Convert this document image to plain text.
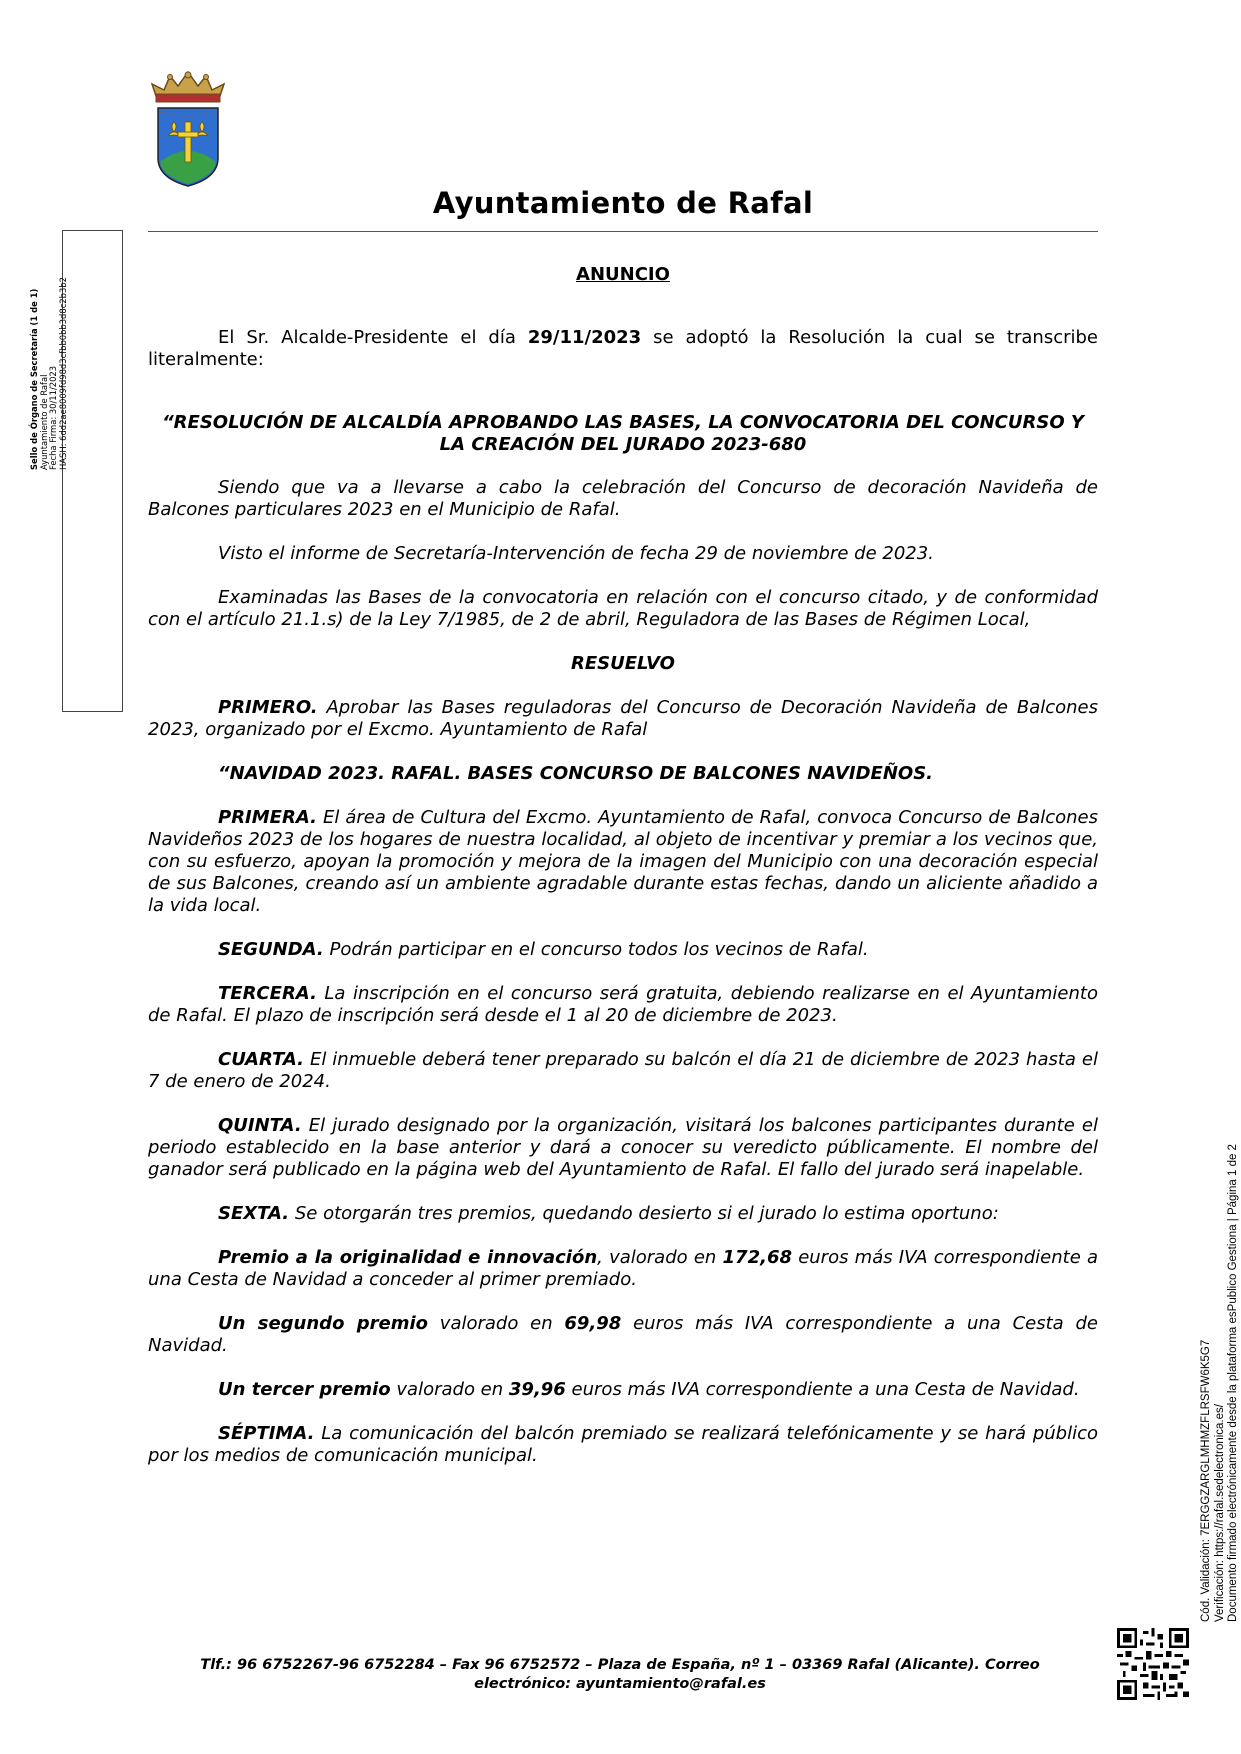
Ayuntamiento de Rafal
Sello de Órgano de Secretaría (1 de 1) Ayuntamiento de Rafal Fecha Firma: 30/11/2023 HASH: 6dd2ae8009fd98d3cfbb0bb3d8c2b3b2

ANUNCIO

El Sr. Alcalde-Presidente el día 29/11/2023 se adoptó la Resolución la cual se transcribe literalmente:

“RESOLUCIÓN DE ALCALDÍA APROBANDO LAS BASES, LA CONVOCATORIA DEL CONCURSO Y LA CREACIÓN DEL JURADO 2023-680

Siendo que va a llevarse a cabo la celebración del Concurso de decoración Navideña de Balcones particulares 2023 en el Municipio de Rafal.

Visto el informe de Secretaría-Intervención de fecha 29 de noviembre de 2023.

Examinadas las Bases de la convocatoria en relación con el concurso citado, y de conformidad con el artículo 21.1.s) de la Ley 7/1985, de 2 de abril, Reguladora de las Bases de Régimen Local,

RESUELVO

PRIMERO. Aprobar las Bases reguladoras del Concurso de Decoración Navideña de Balcones 2023, organizado por el Excmo. Ayuntamiento de Rafal

“NAVIDAD 2023. RAFAL. BASES CONCURSO DE BALCONES NAVIDEÑOS.

PRIMERA. El área de Cultura del Excmo. Ayuntamiento de Rafal, convoca Concurso de Balcones Navideños 2023 de los hogares de nuestra localidad, al objeto de incentivar y premiar a los vecinos que, con su esfuerzo, apoyan la promoción y mejora de la imagen del Municipio con una decoración especial de sus Balcones, creando así un ambiente agradable durante estas fechas, dando un aliciente añadido a la vida local.

SEGUNDA. Podrán participar en el concurso todos los vecinos de Rafal.

TERCERA. La inscripción en el concurso será gratuita, debiendo realizarse en el Ayuntamiento de Rafal. El plazo de inscripción será desde el 1 al 20 de diciembre de 2023.

CUARTA. El inmueble deberá tener preparado su balcón el día 21 de diciembre de 2023 hasta el 7 de enero de 2024.

QUINTA. El jurado designado por la organización, visitará los balcones participantes durante el periodo establecido en la base anterior y dará a conocer su veredicto públicamente. El nombre del ganador será publicado en la página web del Ayuntamiento de Rafal. El fallo del jurado será inapelable.

SEXTA. Se otorgarán tres premios, quedando desierto si el jurado lo estima oportuno:

Premio a la originalidad e innovación, valorado en 172,68 euros más IVA correspondiente a una Cesta de Navidad a conceder al primer premiado.

Un segundo premio valorado en 69,98 euros más IVA correspondiente a una Cesta de Navidad.

Un tercer premio valorado en 39,96 euros más IVA correspondiente a una Cesta de Navidad.

SÉPTIMA. La comunicación del balcón premiado se realizará telefónicamente y se hará público por los medios de comunicación municipal.

Tlf.: 96 6752267-96 6752284 – Fax 96 6752572 – Plaza de España, nº 1 – 03369 Rafal (Alicante). Correo
electrónico: ayuntamiento@rafal.es
Cód. Validación: 7ERGGZARGLMHMZFLRSFW6K5G7 Verificación: https://rafal.sedelectronica.es/ Documento firmado electrónicamente desde la plataforma esPublico Gestiona | Página 1 de 2
